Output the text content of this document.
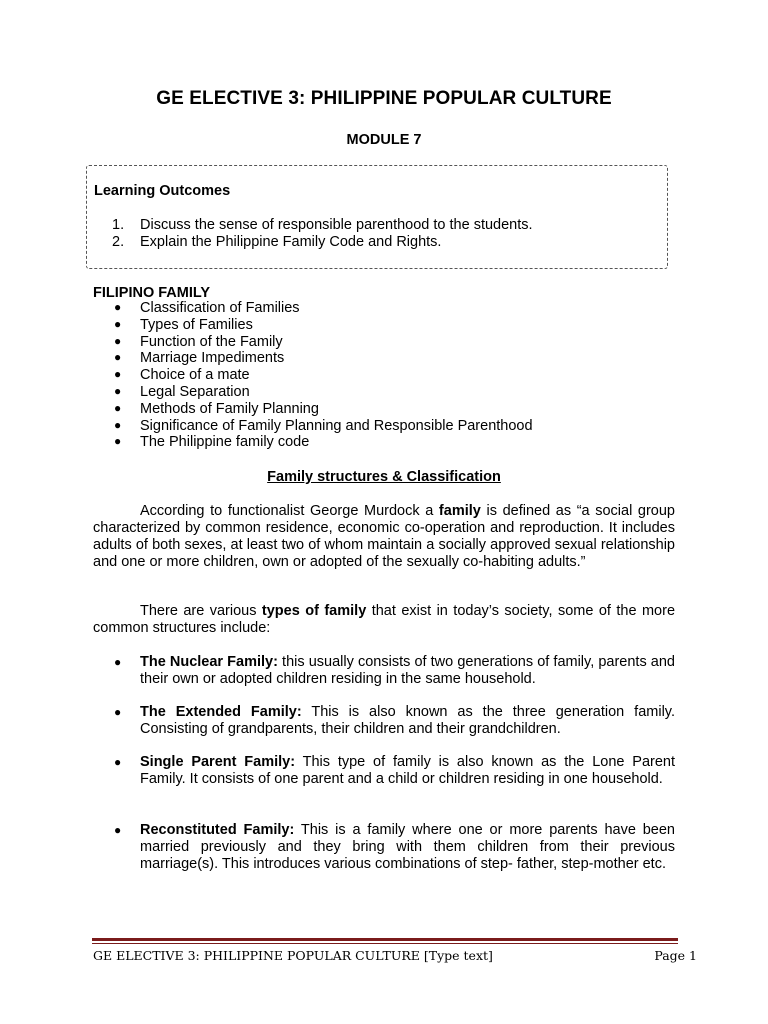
GE ELECTIVE 3: PHILIPPINE POPULAR CULTURE
MODULE 7
Learning Outcomes
1. Discuss the sense of responsible parenthood to the students.
2. Explain the Philippine Family Code and Rights.
FILIPINO FAMILY
● Classification of Families
● Types of Families
● Function of the Family
● Marriage Impediments
● Choice of a mate
● Legal Separation
● Methods of Family Planning
● Significance of Family Planning and Responsible Parenthood
● The Philippine family code
Family structures & Classification
According to functionalist George Murdock a family is defined as “a social group characterized by common residence, economic co-operation and reproduction. It includes adults of both sexes, at least two of whom maintain a socially approved sexual relationship and one or more children, own or adopted of the sexually co-habiting adults.”
There are various types of family that exist in today’s society, some of the more common structures include:
●	The Nuclear Family: this usually consists of two generations of family, parents and their own or adopted children residing in the same household.
●	The Extended Family: This is also known as the three generation family. Consisting of grandparents, their children and their grandchildren.
●	Single Parent Family: This type of family is also known as the Lone Parent Family. It consists of one parent and a child or children residing in one household.
●	Reconstituted Family: This is a family where one or more parents have been married previously and they bring with them children from their previous marriage(s). This introduces various combinations of step- father, step-mother etc.
GE ELECTIVE 3: PHILIPPINE POPULAR CULTURE [Type text]	Page 1
